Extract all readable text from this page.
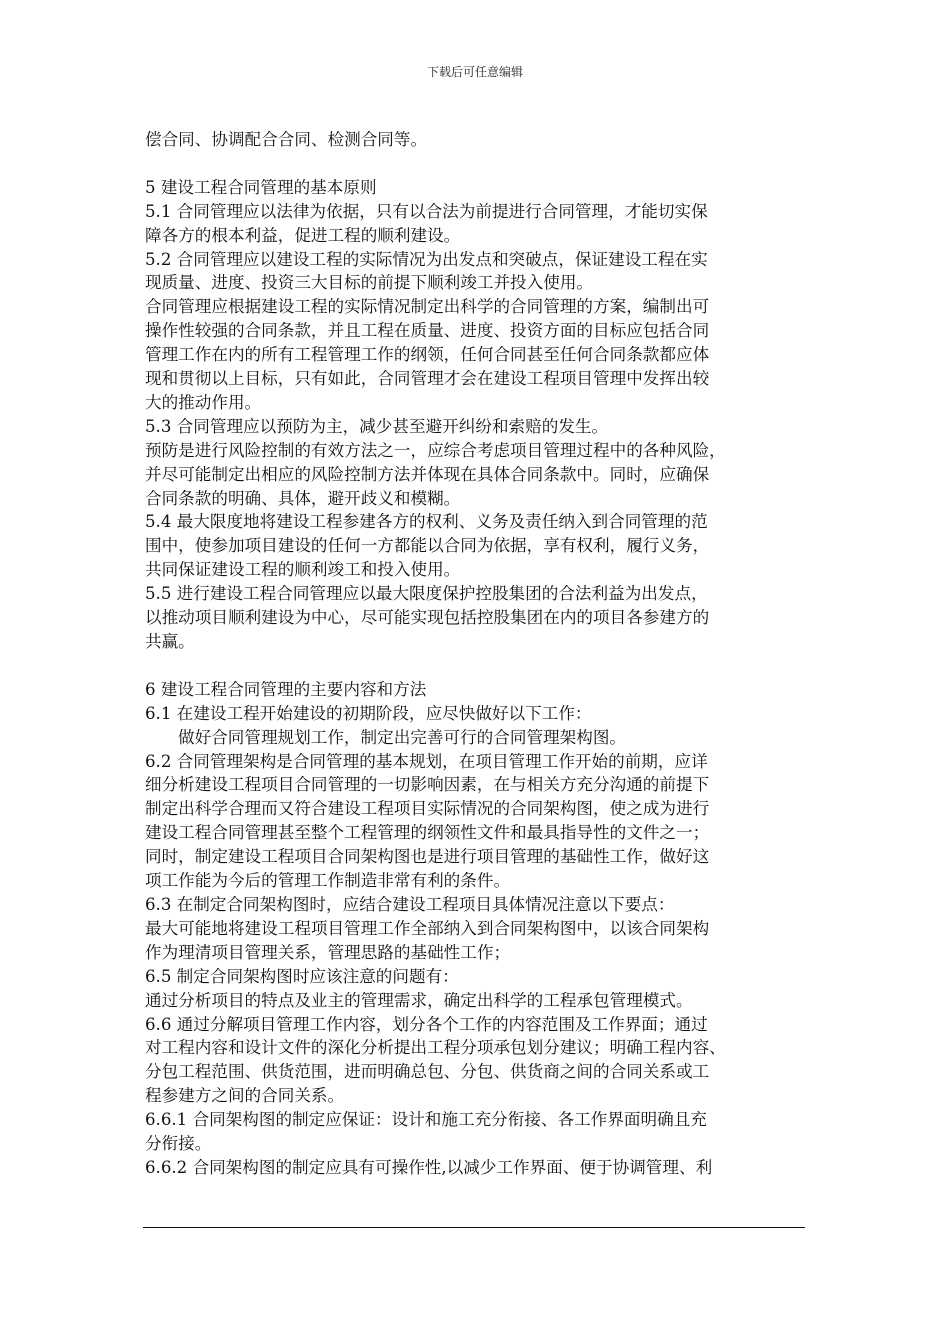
下载后可任意编辑

偿合同、协调配合合同、检测合同等。

5 建设工程合同管理的基本原则

5.1 合同管理应以法律为依据，只有以合法为前提进行合同管理，才能切实保

障各方的根本利益，促进工程的顺利建设。

5.2 合同管理应以建设工程的实际情况为出发点和突破点，保证建设工程在实

现质量、进度、投资三大目标的前提下顺利竣工并投入使用。

合同管理应根据建设工程的实际情况制定出科学的合同管理的方案，编制出可

操作性较强的合同条款，并且工程在质量、进度、投资方面的目标应包括合同

管理工作在内的所有工程管理工作的纲领，任何合同甚至任何合同条款都应体

现和贯彻以上目标，只有如此，合同管理才会在建设工程项目管理中发挥出较

大的推动作用。

5.3 合同管理应以预防为主，减少甚至避开纠纷和索赔的发生。

预防是进行风险控制的有效方法之一，应综合考虑项目管理过程中的各种风险，

并尽可能制定出相应的风险控制方法并体现在具体合同条款中。同时，应确保

合同条款的明确、具体，避开歧义和模糊。

5.4 最大限度地将建设工程参建各方的权利、义务及责任纳入到合同管理的范

围中，使参加项目建设的任何一方都能以合同为依据，享有权利，履行义务，

共同保证建设工程的顺利竣工和投入使用。

5.5 进行建设工程合同管理应以最大限度保护控股集团的合法利益为出发点，

以推动项目顺利建设为中心，尽可能实现包括控股集团在内的项目各参建方的

共赢。

6 建设工程合同管理的主要内容和方法

6.1 在建设工程开始建设的初期阶段，应尽快做好以下工作：

做好合同管理规划工作，制定出完善可行的合同管理架构图。

6.2 合同管理架构是合同管理的基本规划，在项目管理工作开始的前期，应详

细分析建设工程项目合同管理的一切影响因素，在与相关方充分沟通的前提下

制定出科学合理而又符合建设工程项目实际情况的合同架构图，使之成为进行

建设工程合同管理甚至整个工程管理的纲领性文件和最具指导性的文件之一；

同时，制定建设工程项目合同架构图也是进行项目管理的基础性工作，做好这

项工作能为今后的管理工作制造非常有利的条件。

6.3 在制定合同架构图时，应结合建设工程项目具体情况注意以下要点：

最大可能地将建设工程项目管理工作全部纳入到合同架构图中，以该合同架构

作为理清项目管理关系，管理思路的基础性工作；

6.5 制定合同架构图时应该注意的问题有：

通过分析项目的特点及业主的管理需求，确定出科学的工程承包管理模式。

6.6 通过分解项目管理工作内容，划分各个工作的内容范围及工作界面；通过

对工程内容和设计文件的深化分析提出工程分项承包划分建议；明确工程内容、

分包工程范围、供货范围，进而明确总包、分包、供货商之间的合同关系或工

程参建方之间的合同关系。

6.6.1 合同架构图的制定应保证：设计和施工充分衔接、各工作界面明确且充

分衔接。

6.6.2 合同架构图的制定应具有可操作性,以减少工作界面、便于协调管理、利
